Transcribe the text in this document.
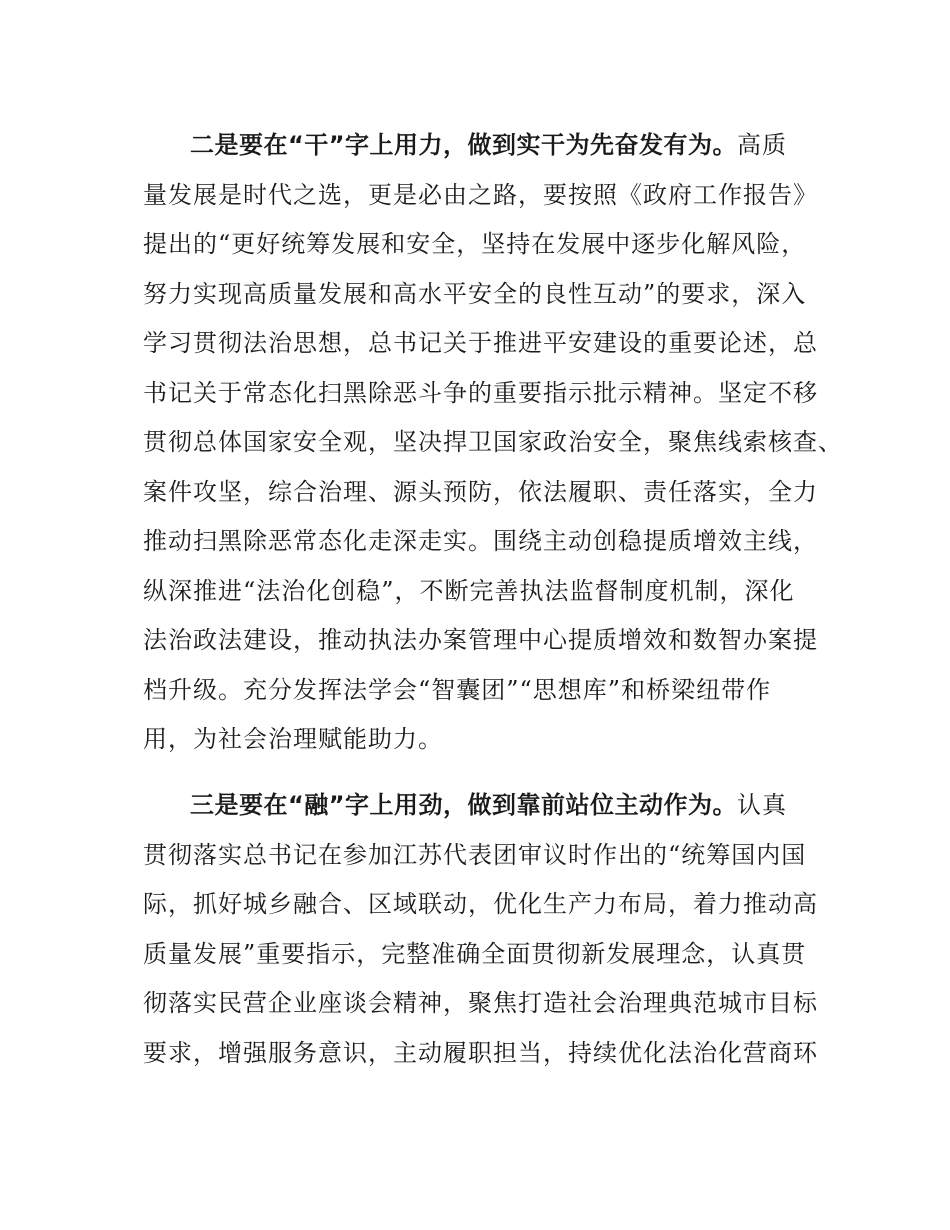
二是要在“干”字上用力，做到实干为先奋发有为。高质
量发展是时代之选，更是必由之路，要按照《政府工作报告》
提出的“更好统筹发展和安全，坚持在发展中逐步化解风险，
努力实现高质量发展和高水平安全的良性互动”的要求，深入
学习贯彻法治思想，总书记关于推进平安建设的重要论述，总
书记关于常态化扫黑除恶斗争的重要指示批示精神。坚定不移
贯彻总体国家安全观，坚决捍卫国家政治安全，聚焦线索核查、
案件攻坚，综合治理、源头预防，依法履职、责任落实，全力
推动扫黑除恶常态化走深走实。围绕主动创稳提质增效主线，
纵深推进“法治化创稳”，不断完善执法监督制度机制，深化
法治政法建设，推动执法办案管理中心提质增效和数智办案提
档升级。充分发挥法学会“智囊团”“思想库”和桥梁纽带作
用，为社会治理赋能助力。
三是要在“融”字上用劲，做到靠前站位主动作为。认真
贯彻落实总书记在参加江苏代表团审议时作出的“统筹国内国
际，抓好城乡融合、区域联动，优化生产力布局，着力推动高
质量发展”重要指示，完整准确全面贯彻新发展理念，认真贯
彻落实民营企业座谈会精神，聚焦打造社会治理典范城市目标
要求，增强服务意识，主动履职担当，持续优化法治化营商环
